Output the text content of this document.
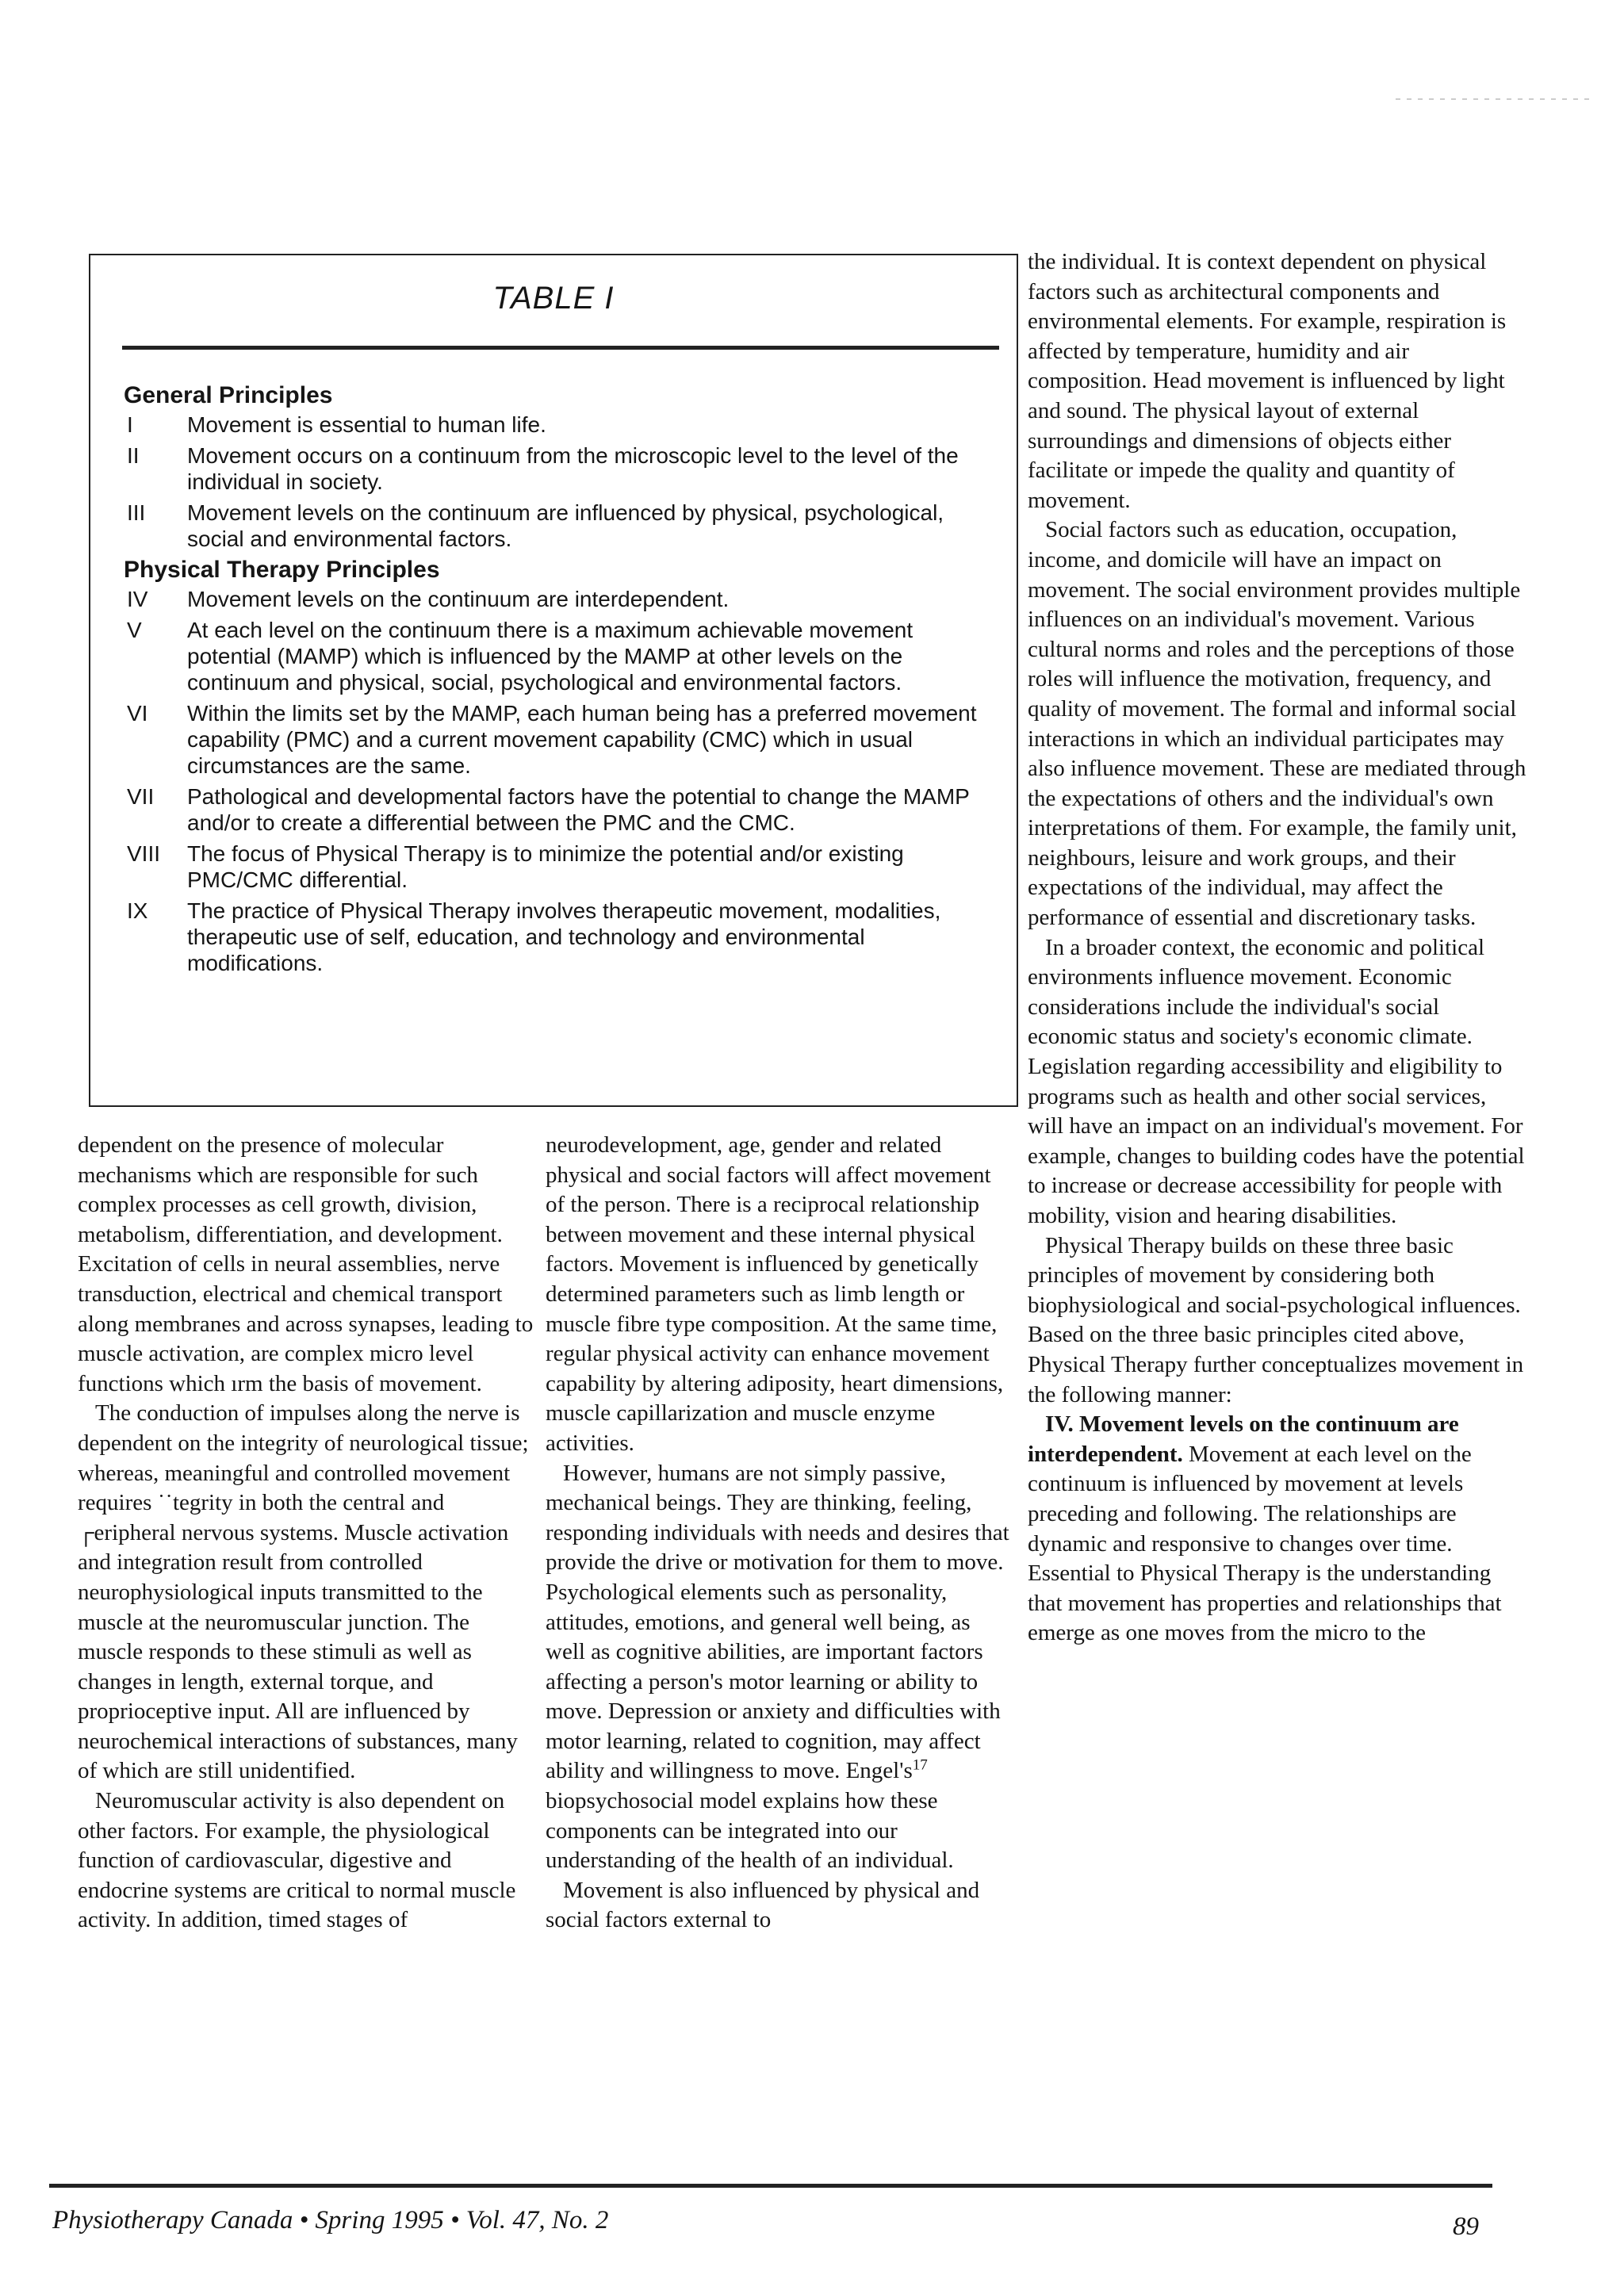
TABLE I
General Principles
I	Movement is essential to human life.
II	Movement occurs on a continuum from the microscopic level to the level of the individual in society.
III	Movement levels on the continuum are influenced by physical, psychological, social and environmental factors.
Physical Therapy Principles
IV	Movement levels on the continuum are interdependent.
V	At each level on the continuum there is a maximum achievable movement potential (MAMP) which is influenced by the MAMP at other levels on the continuum and physical, social, psychological and environmental factors.
VI	Within the limits set by the MAMP, each human being has a preferred movement capability (PMC) and a current movement capability (CMC) which in usual circumstances are the same.
VII	Pathological and developmental factors have the potential to change the MAMP and/or to create a differential between the PMC and the CMC.
VIII	The focus of Physical Therapy is to minimize the potential and/or existing PMC/CMC differential.
IX	The practice of Physical Therapy involves therapeutic movement, modalities, therapeutic use of self, education, and technology and environmental modifications.

dependent on the presence of molecular mechanisms which are responsible for such complex processes as cell growth, division, metabolism, differentiation, and development. Excitation of cells in neural assemblies, nerve transduction, electrical and chemical transport along membranes and across synapses, leading to muscle activation, are complex micro level functions which ırm the basis of movement.

The conduction of impulses along the nerve is dependent on the integrity of neurological tissue; whereas, meaningful and controlled movement requires ˙˙tegrity in both the central and ┌eripheral nervous systems. Muscle activation and integration result from controlled neurophysiological inputs transmitted to the muscle at the neuromuscular junction. The muscle responds to these stimuli as well as changes in length, external torque, and proprioceptive input. All are influenced by neurochemical interactions of substances, many of which are still unidentified.

Neuromuscular activity is also dependent on other factors. For example, the physiological function of cardiovascular, digestive and endocrine systems are critical to normal muscle activity. In addition, timed stages of

neurodevelopment, age, gender and related physical and social factors will affect movement of the person. There is a reciprocal relationship between movement and these internal physical factors. Movement is influenced by genetically determined parameters such as limb length or muscle fibre type composition. At the same time, regular physical activity can enhance movement capability by altering adiposity, heart dimensions, muscle capillarization and muscle enzyme activities.

However, humans are not simply passive, mechanical beings. They are thinking, feeling, responding individuals with needs and desires that provide the drive or motivation for them to move. Psychological elements such as personality, attitudes, emotions, and general well being, as well as cognitive abilities, are important factors affecting a person's motor learning or ability to move. Depression or anxiety and difficulties with motor learning, related to cognition, may affect ability and willingness to move. $Engel's^{17}$ biopsychosocial model explains how these components can be integrated into our understanding of the health of an individual.

Movement is also influenced by physical and social factors external to

the individual. It is context dependent on physical factors such as architectural components and environmental elements. For example, respiration is affected by temperature, humidity and air composition. Head movement is influenced by light and sound. The physical layout of external surroundings and dimensions of objects either facilitate or impede the quality and quantity of movement.

Social factors such as education, occupation, income, and domicile will have an impact on movement. The social environment provides multiple influences on an individual's movement. Various cultural norms and roles and the perceptions of those roles will influence the motivation, frequency, and quality of movement. The formal and informal social interactions in which an individual participates may also influence movement. These are mediated through the expectations of others and the individual's own interpretations of them. For example, the family unit, neighbours, leisure and work groups, and their expectations of the individual, may affect the performance of essential and discretionary tasks.

In a broader context, the economic and political environments influence movement. Economic considerations include the individual's social economic status and society's economic climate. Legislation regarding accessibility and eligibility to programs such as health and other social services, will have an impact on an individual's movement. For example, changes to building codes have the potential to increase or decrease accessibility for people with mobility, vision and hearing disabilities.

Physical Therapy builds on these three basic principles of movement by considering both biophysiological and social-psychological influences. Based on the three basic principles cited above, Physical Therapy further conceptualizes movement in the following manner:

IV. Movement levels on the continuum are interdependent. Movement at each level on the continuum is influenced by movement at levels preceding and following. The relationships are dynamic and responsive to changes over time. Essential to Physical Therapy is the understanding that movement has properties and relationships that emerge as one moves from the micro to the

Physiotherapy Canada • Spring 1995 • Vol. 47, No. 2	89
